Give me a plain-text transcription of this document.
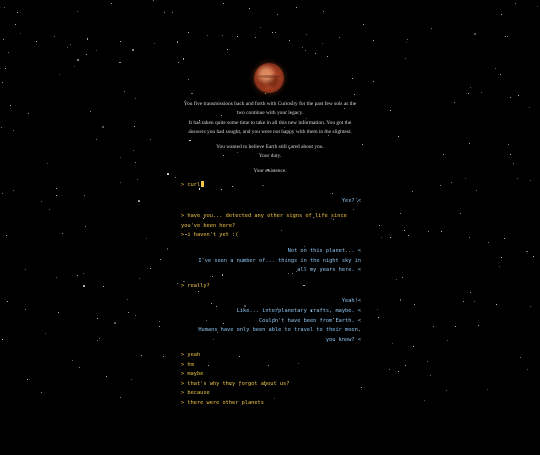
You five transmissions back and forth with Curiosity for the past few sols as the
two continue with your legacy.

It has taken quite some time to take in all this new information. You got the
answers you had sought, and you were not happy with them in the slightest.

You wanted to believe Earth still cared about you.
Your duty.

Your existence.

> curl

Yes? <

> have you... detected any other signs of life since

you've been here?

> i haven't yet :(

Not on this planet... <

I've seen a number of... things in the night sky in

all my years here. <

> really?

Yeah!<

Like... interplanetary crafts, maybe. <

Couldn't have been from Earth. <

Humans have only been able to travel to their moon,

you know? <

> yeah

> hm

> maybe

> that's why they forgot about us?

> because

> there were other planets
